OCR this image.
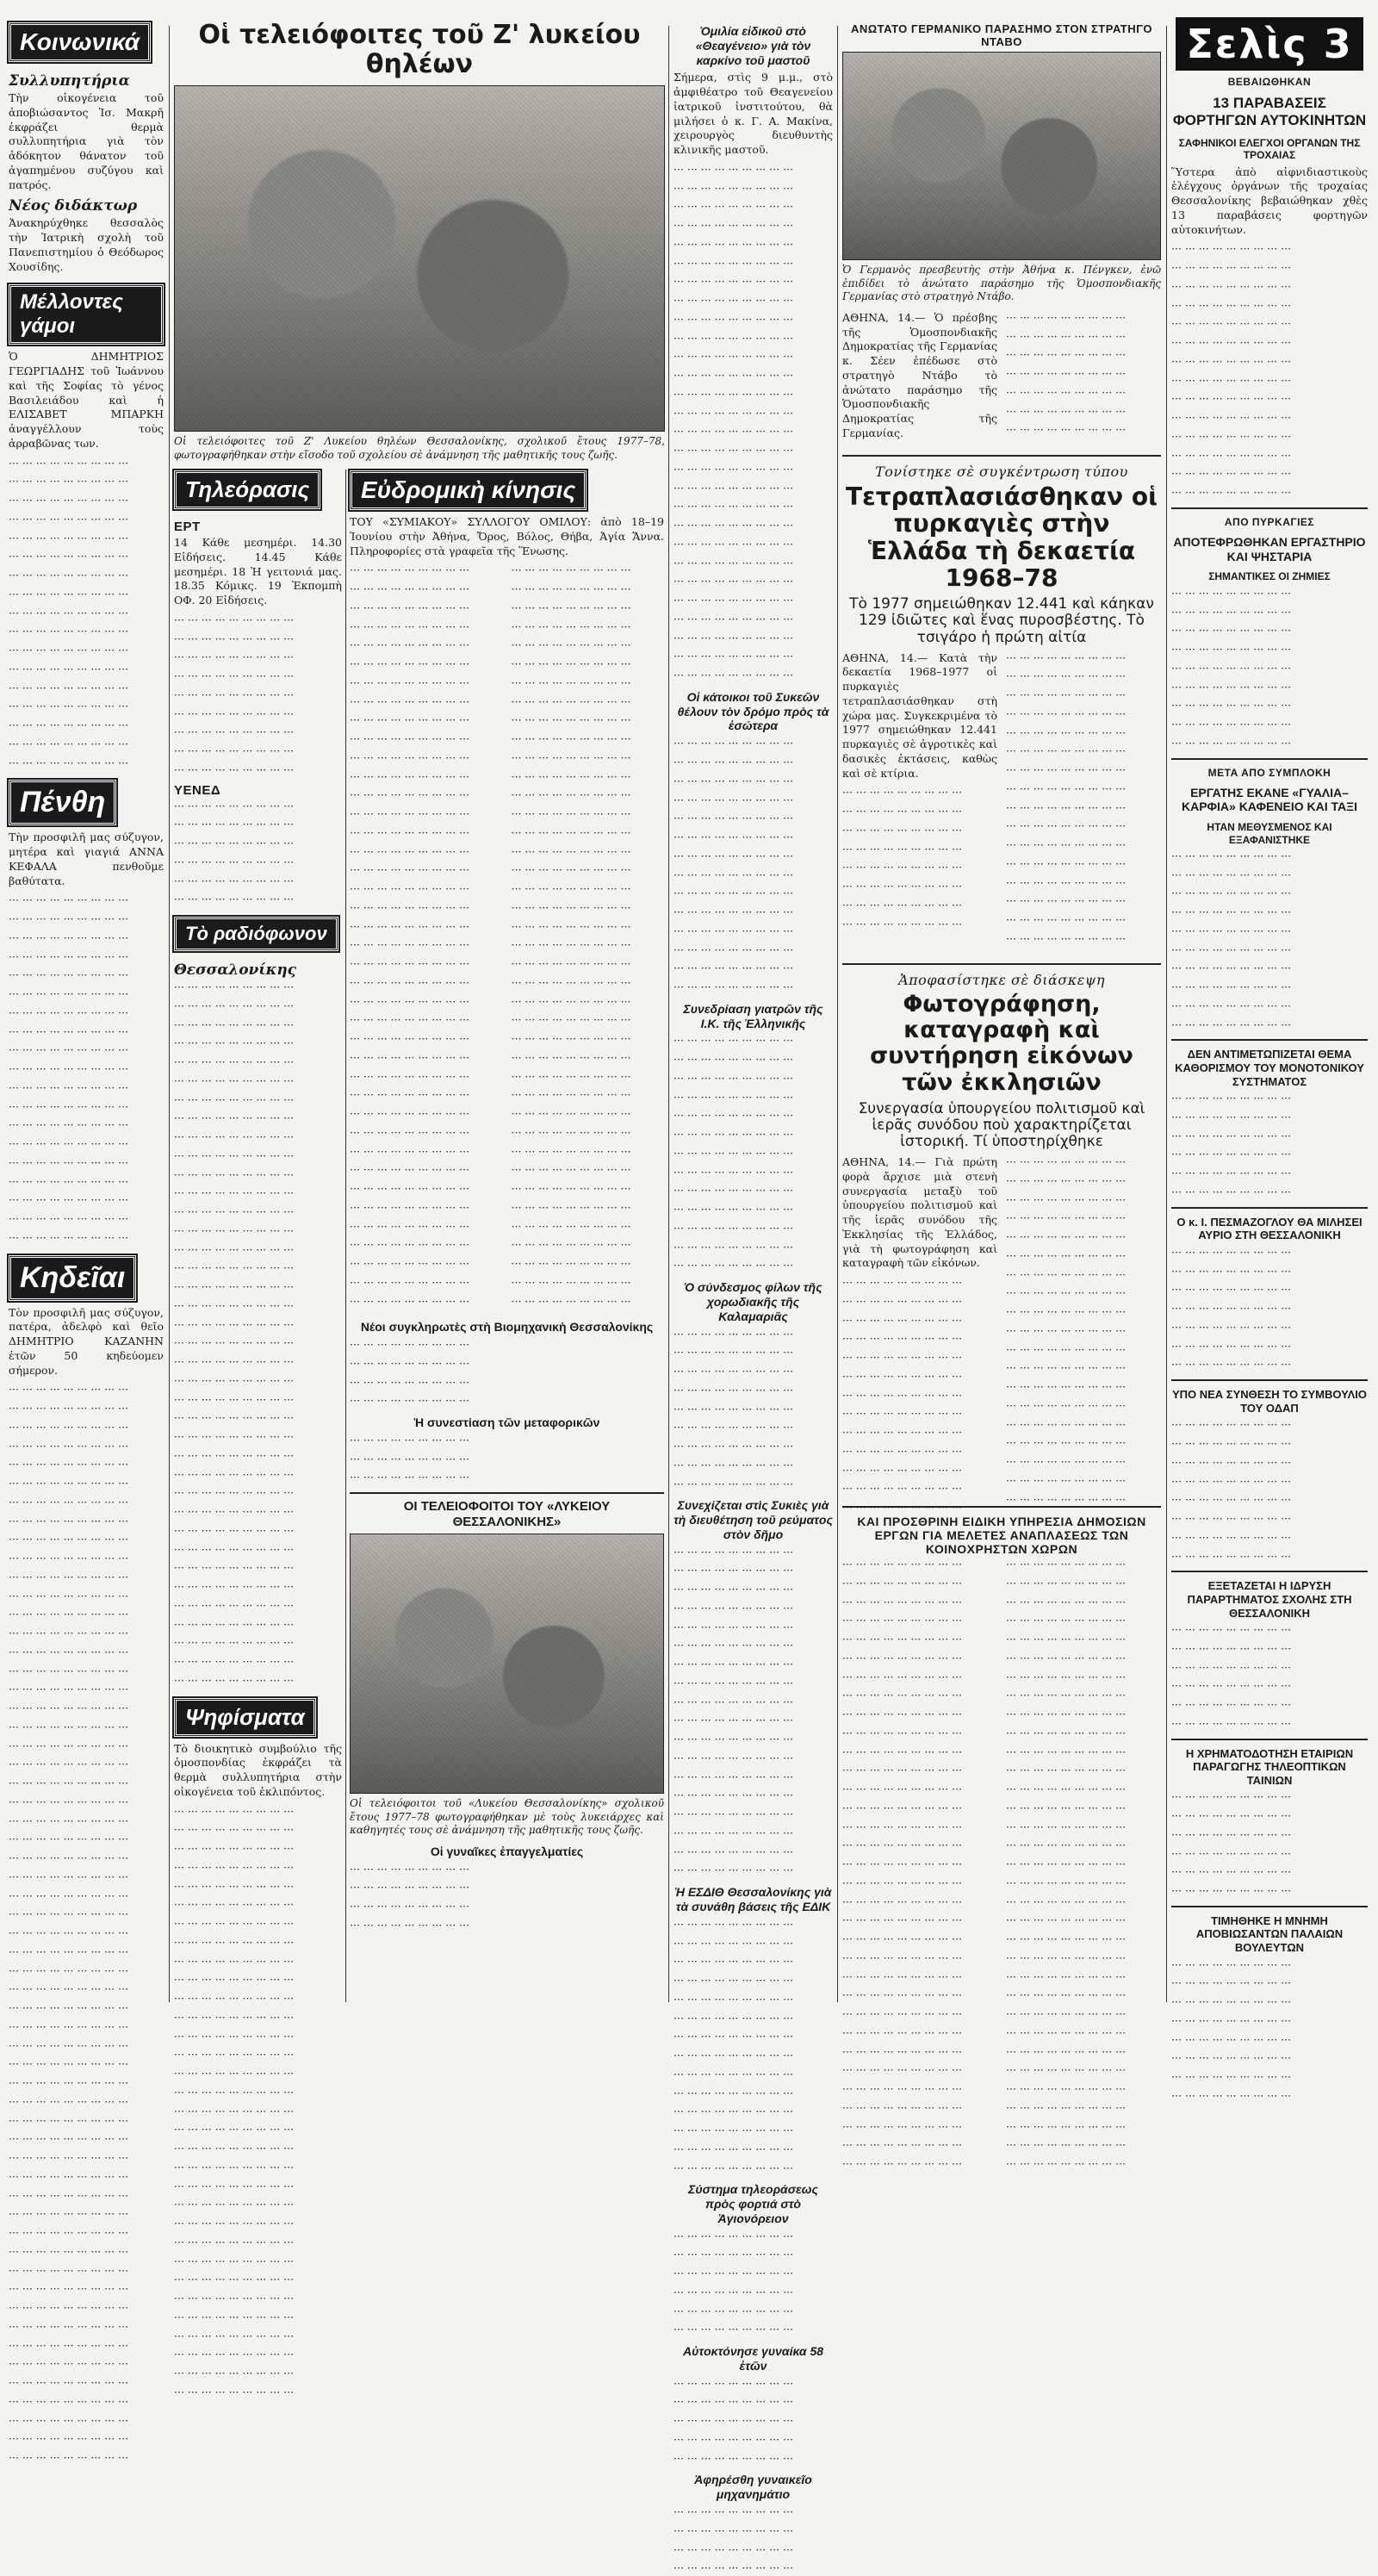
Κοινωνικά
Συλλυπητήρια

Τὴν οἰκογένεια τοῦ ἀποβιώσαντος Ἰσ. Μακρῆ ἐκφράζει θερμὰ συλλυπητήρια γιὰ τὸν ἀδόκητον θάνατον τοῦ ἀγαπημένου συζύγου καὶ πατρός.

Νέος διδάκτωρ

Ἀνακηρύχθηκε θεσσαλὸς τὴν Ἰατρικὴ σχολὴ τοῦ Πανεπιστημίου ὁ Θεόδωρος Χουσίδης.

Μέλλοντες γάμοι

Ὁ ΔΗΜΗΤΡΙΟΣ ΓΕΩΡΓΙΑΔΗΣ τοῦ Ἰωάννου καὶ τῆς Σοφίας τὸ γένος Βασιλειάδου καὶ ἡ ΕΛΙΣΑΒΕΤ ΜΠΑΡΚΗ ἀναγγέλλουν τοὺς ἀρραβῶνας των.

··· ··· ··· ··· ··· ··· ··· ··· ···

··· ··· ··· ··· ··· ··· ··· ··· ···

··· ··· ··· ··· ··· ··· ··· ··· ···

··· ··· ··· ··· ··· ··· ··· ··· ···

··· ··· ··· ··· ··· ··· ··· ··· ···

··· ··· ··· ··· ··· ··· ··· ··· ···

··· ··· ··· ··· ··· ··· ··· ··· ···

··· ··· ··· ··· ··· ··· ··· ··· ···

··· ··· ··· ··· ··· ··· ··· ··· ···

··· ··· ··· ··· ··· ··· ··· ··· ···

··· ··· ··· ··· ··· ··· ··· ··· ···

··· ··· ··· ··· ··· ··· ··· ··· ···

··· ··· ··· ··· ··· ··· ··· ··· ···

··· ··· ··· ··· ··· ··· ··· ··· ···

··· ··· ··· ··· ··· ··· ··· ··· ···

··· ··· ··· ··· ··· ··· ··· ··· ···

··· ··· ··· ··· ··· ··· ··· ··· ···

Πένθη

Τὴν προσφιλῆ μας σύζυγον, μητέρα καὶ γιαγιά ΑΝΝΑ ΚΕΦΑΛΑ πενθοῦμε βαθύτατα.

··· ··· ··· ··· ··· ··· ··· ··· ···

··· ··· ··· ··· ··· ··· ··· ··· ···

··· ··· ··· ··· ··· ··· ··· ··· ···

··· ··· ··· ··· ··· ··· ··· ··· ···

··· ··· ··· ··· ··· ··· ··· ··· ···

··· ··· ··· ··· ··· ··· ··· ··· ···

··· ··· ··· ··· ··· ··· ··· ··· ···

··· ··· ··· ··· ··· ··· ··· ··· ···

··· ··· ··· ··· ··· ··· ··· ··· ···

··· ··· ··· ··· ··· ··· ··· ··· ···

··· ··· ··· ··· ··· ··· ··· ··· ···

··· ··· ··· ··· ··· ··· ··· ··· ···

··· ··· ··· ··· ··· ··· ··· ··· ···

··· ··· ··· ··· ··· ··· ··· ··· ···

··· ··· ··· ··· ··· ··· ··· ··· ···

··· ··· ··· ··· ··· ··· ··· ··· ···

··· ··· ··· ··· ··· ··· ··· ··· ···

··· ··· ··· ··· ··· ··· ··· ··· ···

··· ··· ··· ··· ··· ··· ··· ··· ···

Κηδεῖαι

Τὸν προσφιλῆ μας σύζυγον, πατέρα, ἀδελφὸ καὶ θεῖο ΔΗΜΗΤΡΙΟ ΚΑΖΑΝΗΝ ἐτῶν 50 κηδεύομεν σήμερον.

··· ··· ··· ··· ··· ··· ··· ··· ···

··· ··· ··· ··· ··· ··· ··· ··· ···

··· ··· ··· ··· ··· ··· ··· ··· ···

··· ··· ··· ··· ··· ··· ··· ··· ···

··· ··· ··· ··· ··· ··· ··· ··· ···

··· ··· ··· ··· ··· ··· ··· ··· ···

··· ··· ··· ··· ··· ··· ··· ··· ···

··· ··· ··· ··· ··· ··· ··· ··· ···

··· ··· ··· ··· ··· ··· ··· ··· ···

··· ··· ··· ··· ··· ··· ··· ··· ···

··· ··· ··· ··· ··· ··· ··· ··· ···

··· ··· ··· ··· ··· ··· ··· ··· ···

··· ··· ··· ··· ··· ··· ··· ··· ···

··· ··· ··· ··· ··· ··· ··· ··· ···

··· ··· ··· ··· ··· ··· ··· ··· ···

··· ··· ··· ··· ··· ··· ··· ··· ···

··· ··· ··· ··· ··· ··· ··· ··· ···

··· ··· ··· ··· ··· ··· ··· ··· ···

··· ··· ··· ··· ··· ··· ··· ··· ···

··· ··· ··· ··· ··· ··· ··· ··· ···

··· ··· ··· ··· ··· ··· ··· ··· ···

··· ··· ··· ··· ··· ··· ··· ··· ···

··· ··· ··· ··· ··· ··· ··· ··· ···

··· ··· ··· ··· ··· ··· ··· ··· ···

··· ··· ··· ··· ··· ··· ··· ··· ···

··· ··· ··· ··· ··· ··· ··· ··· ···

··· ··· ··· ··· ··· ··· ··· ··· ···

··· ··· ··· ··· ··· ··· ··· ··· ···

··· ··· ··· ··· ··· ··· ··· ··· ···

··· ··· ··· ··· ··· ··· ··· ··· ···

··· ··· ··· ··· ··· ··· ··· ··· ···

··· ··· ··· ··· ··· ··· ··· ··· ···

··· ··· ··· ··· ··· ··· ··· ··· ···

··· ··· ··· ··· ··· ··· ··· ··· ···

··· ··· ··· ··· ··· ··· ··· ··· ···

··· ··· ··· ··· ··· ··· ··· ··· ···

··· ··· ··· ··· ··· ··· ··· ··· ···

··· ··· ··· ··· ··· ··· ··· ··· ···

··· ··· ··· ··· ··· ··· ··· ··· ···

··· ··· ··· ··· ··· ··· ··· ··· ···

··· ··· ··· ··· ··· ··· ··· ··· ···

··· ··· ··· ··· ··· ··· ··· ··· ···

··· ··· ··· ··· ··· ··· ··· ··· ···

··· ··· ··· ··· ··· ··· ··· ··· ···

··· ··· ··· ··· ··· ··· ··· ··· ···

··· ··· ··· ··· ··· ··· ··· ··· ···

··· ··· ··· ··· ··· ··· ··· ··· ···

··· ··· ··· ··· ··· ··· ··· ··· ···

··· ··· ··· ··· ··· ··· ··· ··· ···

··· ··· ··· ··· ··· ··· ··· ··· ···

··· ··· ··· ··· ··· ··· ··· ··· ···

··· ··· ··· ··· ··· ··· ··· ··· ···

··· ··· ··· ··· ··· ··· ··· ··· ···

··· ··· ··· ··· ··· ··· ··· ··· ···

··· ··· ··· ··· ··· ··· ··· ··· ···

··· ··· ··· ··· ··· ··· ··· ··· ···

··· ··· ··· ··· ··· ··· ··· ··· ···

··· ··· ··· ··· ··· ··· ··· ··· ···

Οἱ τελειόφοιτες τοῦ Ζ' λυκείου θηλέων
Οἱ τελειόφοιτες τοῦ Ζ' Λυκείου θηλέων Θεσσαλονίκης, σχολικοῦ ἔτους 1977–78, φωτογραφήθηκαν στὴν εἴσοδο τοῦ σχολείου σὲ ἀνάμνηση τῆς μαθητικῆς τους ζωῆς.
Τηλεόρασις
ΕΡΤ

14 Κάθε μεσημέρι. 14.30 Εἰδήσεις. 14.45 Κάθε μεσημέρι. 18 Ἡ γειτονιά μας. 18.35 Κόμικς. 19 Ἐκπομπὴ ΟΦ. 20 Εἰδήσεις.

··· ··· ··· ··· ··· ··· ··· ··· ···

··· ··· ··· ··· ··· ··· ··· ··· ···

··· ··· ··· ··· ··· ··· ··· ··· ···

··· ··· ··· ··· ··· ··· ··· ··· ···

··· ··· ··· ··· ··· ··· ··· ··· ···

··· ··· ··· ··· ··· ··· ··· ··· ···

··· ··· ··· ··· ··· ··· ··· ··· ···

··· ··· ··· ··· ··· ··· ··· ··· ···

··· ··· ··· ··· ··· ··· ··· ··· ···

ΥΕΝΕΔ

··· ··· ··· ··· ··· ··· ··· ··· ···

··· ··· ··· ··· ··· ··· ··· ··· ···

··· ··· ··· ··· ··· ··· ··· ··· ···

··· ··· ··· ··· ··· ··· ··· ··· ···

··· ··· ··· ··· ··· ··· ··· ··· ···

··· ··· ··· ··· ··· ··· ··· ··· ···

Τὸ ραδιόφωνον
Θεσσαλονίκης

··· ··· ··· ··· ··· ··· ··· ··· ···

··· ··· ··· ··· ··· ··· ··· ··· ···

··· ··· ··· ··· ··· ··· ··· ··· ···

··· ··· ··· ··· ··· ··· ··· ··· ···

··· ··· ··· ··· ··· ··· ··· ··· ···

··· ··· ··· ··· ··· ··· ··· ··· ···

··· ··· ··· ··· ··· ··· ··· ··· ···

··· ··· ··· ··· ··· ··· ··· ··· ···

··· ··· ··· ··· ··· ··· ··· ··· ···

··· ··· ··· ··· ··· ··· ··· ··· ···

··· ··· ··· ··· ··· ··· ··· ··· ···

··· ··· ··· ··· ··· ··· ··· ··· ···

··· ··· ··· ··· ··· ··· ··· ··· ···

··· ··· ··· ··· ··· ··· ··· ··· ···

··· ··· ··· ··· ··· ··· ··· ··· ···

··· ··· ··· ··· ··· ··· ··· ··· ···

··· ··· ··· ··· ··· ··· ··· ··· ···

··· ··· ··· ··· ··· ··· ··· ··· ···

··· ··· ··· ··· ··· ··· ··· ··· ···

··· ··· ··· ··· ··· ··· ··· ··· ···

··· ··· ··· ··· ··· ··· ··· ··· ···

··· ··· ··· ··· ··· ··· ··· ··· ···

··· ··· ··· ··· ··· ··· ··· ··· ···

··· ··· ··· ··· ··· ··· ··· ··· ···

··· ··· ··· ··· ··· ··· ··· ··· ···

··· ··· ··· ··· ··· ··· ··· ··· ···

··· ··· ··· ··· ··· ··· ··· ··· ···

··· ··· ··· ··· ··· ··· ··· ··· ···

··· ··· ··· ··· ··· ··· ··· ··· ···

··· ··· ··· ··· ··· ··· ··· ··· ···

··· ··· ··· ··· ··· ··· ··· ··· ···

··· ··· ··· ··· ··· ··· ··· ··· ···

··· ··· ··· ··· ··· ··· ··· ··· ···

··· ··· ··· ··· ··· ··· ··· ··· ···

··· ··· ··· ··· ··· ··· ··· ··· ···

··· ··· ··· ··· ··· ··· ··· ··· ···

··· ··· ··· ··· ··· ··· ··· ··· ···

··· ··· ··· ··· ··· ··· ··· ··· ···

Ψηφίσματα

Τὸ διοικητικὸ συμβούλιο τῆς ὁμοσπονδίας ἐκφράζει τὰ θερμὰ συλλυπητήρια στὴν οἰκογένεια τοῦ ἐκλιπόντος.

··· ··· ··· ··· ··· ··· ··· ··· ···

··· ··· ··· ··· ··· ··· ··· ··· ···

··· ··· ··· ··· ··· ··· ··· ··· ···

··· ··· ··· ··· ··· ··· ··· ··· ···

··· ··· ··· ··· ··· ··· ··· ··· ···

··· ··· ··· ··· ··· ··· ··· ··· ···

··· ··· ··· ··· ··· ··· ··· ··· ···

··· ··· ··· ··· ··· ··· ··· ··· ···

··· ··· ··· ··· ··· ··· ··· ··· ···

··· ··· ··· ··· ··· ··· ··· ··· ···

··· ··· ··· ··· ··· ··· ··· ··· ···

··· ··· ··· ··· ··· ··· ··· ··· ···

··· ··· ··· ··· ··· ··· ··· ··· ···

··· ··· ··· ··· ··· ··· ··· ··· ···

··· ··· ··· ··· ··· ··· ··· ··· ···

··· ··· ··· ··· ··· ··· ··· ··· ···

··· ··· ··· ··· ··· ··· ··· ··· ···

··· ··· ··· ··· ··· ··· ··· ··· ···

··· ··· ··· ··· ··· ··· ··· ··· ···

··· ··· ··· ··· ··· ··· ··· ··· ···

··· ··· ··· ··· ··· ··· ··· ··· ···

··· ··· ··· ··· ··· ··· ··· ··· ···

··· ··· ··· ··· ··· ··· ··· ··· ···

··· ··· ··· ··· ··· ··· ··· ··· ···

··· ··· ··· ··· ··· ··· ··· ··· ···

··· ··· ··· ··· ··· ··· ··· ··· ···

··· ··· ··· ··· ··· ··· ··· ··· ···

··· ··· ··· ··· ··· ··· ··· ··· ···

··· ··· ··· ··· ··· ··· ··· ··· ···

··· ··· ··· ··· ··· ··· ··· ··· ···

··· ··· ··· ··· ··· ··· ··· ··· ···

··· ··· ··· ··· ··· ··· ··· ··· ···

Εὐδρομικὴ κίνησις

ΤΟΥ «ΣΥΜΙΑΚΟΥ» ΣΥΛΛΟΓΟΥ ΟΜΙΛΟΥ: ἀπὸ 18–19 Ἰουνίου στὴν Ἀθήνα, Ὄρος, Βόλος, Θήβα, Ἀγία Ἄννα. Πληροφορίες στὰ γραφεῖα τῆς Ἕνωσης.

··· ··· ··· ··· ··· ··· ··· ··· ···

··· ··· ··· ··· ··· ··· ··· ··· ···

··· ··· ··· ··· ··· ··· ··· ··· ···

··· ··· ··· ··· ··· ··· ··· ··· ···

··· ··· ··· ··· ··· ··· ··· ··· ···

··· ··· ··· ··· ··· ··· ··· ··· ···

··· ··· ··· ··· ··· ··· ··· ··· ···

··· ··· ··· ··· ··· ··· ··· ··· ···

··· ··· ··· ··· ··· ··· ··· ··· ···

··· ··· ··· ··· ··· ··· ··· ··· ···

··· ··· ··· ··· ··· ··· ··· ··· ···

··· ··· ··· ··· ··· ··· ··· ··· ···

··· ··· ··· ··· ··· ··· ··· ··· ···

··· ··· ··· ··· ··· ··· ··· ··· ···

··· ··· ··· ··· ··· ··· ··· ··· ···

··· ··· ··· ··· ··· ··· ··· ··· ···

··· ··· ··· ··· ··· ··· ··· ··· ···

··· ··· ··· ··· ··· ··· ··· ··· ···

··· ··· ··· ··· ··· ··· ··· ··· ···

··· ··· ··· ··· ··· ··· ··· ··· ···

··· ··· ··· ··· ··· ··· ··· ··· ···

··· ··· ··· ··· ··· ··· ··· ··· ···

··· ··· ··· ··· ··· ··· ··· ··· ···

··· ··· ··· ··· ··· ··· ··· ··· ···

··· ··· ··· ··· ··· ··· ··· ··· ···

··· ··· ··· ··· ··· ··· ··· ··· ···

··· ··· ··· ··· ··· ··· ··· ··· ···

··· ··· ··· ··· ··· ··· ··· ··· ···

··· ··· ··· ··· ··· ··· ··· ··· ···

··· ··· ··· ··· ··· ··· ··· ··· ···

··· ··· ··· ··· ··· ··· ··· ··· ···

··· ··· ··· ··· ··· ··· ··· ··· ···

··· ··· ··· ··· ··· ··· ··· ··· ···

··· ··· ··· ··· ··· ··· ··· ··· ···

··· ··· ··· ··· ··· ··· ··· ··· ···

··· ··· ··· ··· ··· ··· ··· ··· ···

··· ··· ··· ··· ··· ··· ··· ··· ···

··· ··· ··· ··· ··· ··· ··· ··· ···

··· ··· ··· ··· ··· ··· ··· ··· ···

··· ··· ··· ··· ··· ··· ··· ··· ···

··· ··· ··· ··· ··· ··· ··· ··· ···

··· ··· ··· ··· ··· ··· ··· ··· ···

··· ··· ··· ··· ··· ··· ··· ··· ···

··· ··· ··· ··· ··· ··· ··· ··· ···

··· ··· ··· ··· ··· ··· ··· ··· ···

··· ··· ··· ··· ··· ··· ··· ··· ···

··· ··· ··· ··· ··· ··· ··· ··· ···

··· ··· ··· ··· ··· ··· ··· ··· ···

··· ··· ··· ··· ··· ··· ··· ··· ···

··· ··· ··· ··· ··· ··· ··· ··· ···

··· ··· ··· ··· ··· ··· ··· ··· ···

··· ··· ··· ··· ··· ··· ··· ··· ···

··· ··· ··· ··· ··· ··· ··· ··· ···

··· ··· ··· ··· ··· ··· ··· ··· ···

··· ··· ··· ··· ··· ··· ··· ··· ···

··· ··· ··· ··· ··· ··· ··· ··· ···

··· ··· ··· ··· ··· ··· ··· ··· ···

··· ··· ··· ··· ··· ··· ··· ··· ···

··· ··· ··· ··· ··· ··· ··· ··· ···

··· ··· ··· ··· ··· ··· ··· ··· ···

··· ··· ··· ··· ··· ··· ··· ··· ···

··· ··· ··· ··· ··· ··· ··· ··· ···

··· ··· ··· ··· ··· ··· ··· ··· ···

··· ··· ··· ··· ··· ··· ··· ··· ···

··· ··· ··· ··· ··· ··· ··· ··· ···

··· ··· ··· ··· ··· ··· ··· ··· ···

··· ··· ··· ··· ··· ··· ··· ··· ···

··· ··· ··· ··· ··· ··· ··· ··· ···

··· ··· ··· ··· ··· ··· ··· ··· ···

··· ··· ··· ··· ··· ··· ··· ··· ···

··· ··· ··· ··· ··· ··· ··· ··· ···

··· ··· ··· ··· ··· ··· ··· ··· ···

··· ··· ··· ··· ··· ··· ··· ··· ···

··· ··· ··· ··· ··· ··· ··· ··· ···

··· ··· ··· ··· ··· ··· ··· ··· ···

··· ··· ··· ··· ··· ··· ··· ··· ···

··· ··· ··· ··· ··· ··· ··· ··· ···

··· ··· ··· ··· ··· ··· ··· ··· ···

··· ··· ··· ··· ··· ··· ··· ··· ···

··· ··· ··· ··· ··· ··· ··· ··· ···

Νέοι συγκληρωτὲς στὴ Βιομηχανικὴ Θεσσαλονίκης

··· ··· ··· ··· ··· ··· ··· ··· ···

··· ··· ··· ··· ··· ··· ··· ··· ···

··· ··· ··· ··· ··· ··· ··· ··· ···

··· ··· ··· ··· ··· ··· ··· ··· ···

Ἡ συνεστίαση τῶν μεταφορικῶν

··· ··· ··· ··· ··· ··· ··· ··· ···

··· ··· ··· ··· ··· ··· ··· ··· ···

··· ··· ··· ··· ··· ··· ··· ··· ···

ΟΙ ΤΕΛΕΙΟΦΟΙΤΟΙ ΤΟΥ «ΛΥΚΕΙΟΥ ΘΕΣΣΑΛΟΝΙΚΗΣ»
Οἱ τελειόφοιτοι τοῦ «Λυκείου Θεσσαλονίκης» σχολικοῦ ἔτους 1977–78 φωτογραφήθηκαν μὲ τοὺς λυκειάρχες καὶ καθηγητές τους σὲ ἀνάμνηση τῆς μαθητικῆς τους ζωῆς.
Οἱ γυναῖκες ἐπαγγελματίες

··· ··· ··· ··· ··· ··· ··· ··· ···

··· ··· ··· ··· ··· ··· ··· ··· ···

··· ··· ··· ··· ··· ··· ··· ··· ···

··· ··· ··· ··· ··· ··· ··· ··· ···

Ὁμιλία εἰδικοῦ στὸ «Θεαγένειο» γιὰ τὸν καρκίνο τοῦ μαστοῦ

Σήμερα, στὶς 9 μ.μ., στὸ ἀμφιθέατρο τοῦ Θεαγενείου ἰατρικοῦ ἰνστιτούτου, θὰ μιλήσει ὁ κ. Γ. Α. Μακίνα, χειρουργὸς διευθυντὴς κλινικῆς μαστοῦ.

··· ··· ··· ··· ··· ··· ··· ··· ···

··· ··· ··· ··· ··· ··· ··· ··· ···

··· ··· ··· ··· ··· ··· ··· ··· ···

··· ··· ··· ··· ··· ··· ··· ··· ···

··· ··· ··· ··· ··· ··· ··· ··· ···

··· ··· ··· ··· ··· ··· ··· ··· ···

··· ··· ··· ··· ··· ··· ··· ··· ···

··· ··· ··· ··· ··· ··· ··· ··· ···

··· ··· ··· ··· ··· ··· ··· ··· ···

··· ··· ··· ··· ··· ··· ··· ··· ···

··· ··· ··· ··· ··· ··· ··· ··· ···

··· ··· ··· ··· ··· ··· ··· ··· ···

··· ··· ··· ··· ··· ··· ··· ··· ···

··· ··· ··· ··· ··· ··· ··· ··· ···

··· ··· ··· ··· ··· ··· ··· ··· ···

··· ··· ··· ··· ··· ··· ··· ··· ···

··· ··· ··· ··· ··· ··· ··· ··· ···

··· ··· ··· ··· ··· ··· ··· ··· ···

··· ··· ··· ··· ··· ··· ··· ··· ···

··· ··· ··· ··· ··· ··· ··· ··· ···

··· ··· ··· ··· ··· ··· ··· ··· ···

··· ··· ··· ··· ··· ··· ··· ··· ···

··· ··· ··· ··· ··· ··· ··· ··· ···

··· ··· ··· ··· ··· ··· ··· ··· ···

··· ··· ··· ··· ··· ··· ··· ··· ···

··· ··· ··· ··· ··· ··· ··· ··· ···

··· ··· ··· ··· ··· ··· ··· ··· ···

··· ··· ··· ··· ··· ··· ··· ··· ···

Οἱ κάτοικοι τοῦ Συκεῶν θέλουν τὸν δρόμο πρὸς τὰ ἐσώτερα

··· ··· ··· ··· ··· ··· ··· ··· ···

··· ··· ··· ··· ··· ··· ··· ··· ···

··· ··· ··· ··· ··· ··· ··· ··· ···

··· ··· ··· ··· ··· ··· ··· ··· ···

··· ··· ··· ··· ··· ··· ··· ··· ···

··· ··· ··· ··· ··· ··· ··· ··· ···

··· ··· ··· ··· ··· ··· ··· ··· ···

··· ··· ··· ··· ··· ··· ··· ··· ···

··· ··· ··· ··· ··· ··· ··· ··· ···

··· ··· ··· ··· ··· ··· ··· ··· ···

··· ··· ··· ··· ··· ··· ··· ··· ···

··· ··· ··· ··· ··· ··· ··· ··· ···

··· ··· ··· ··· ··· ··· ··· ··· ···

··· ··· ··· ··· ··· ··· ··· ··· ···

Συνεδρίαση γιατρῶν τῆς Ι.Κ. τῆς Ἑλληνικῆς

··· ··· ··· ··· ··· ··· ··· ··· ···

··· ··· ··· ··· ··· ··· ··· ··· ···

··· ··· ··· ··· ··· ··· ··· ··· ···

··· ··· ··· ··· ··· ··· ··· ··· ···

··· ··· ··· ··· ··· ··· ··· ··· ···

··· ··· ··· ··· ··· ··· ··· ··· ···

··· ··· ··· ··· ··· ··· ··· ··· ···

··· ··· ··· ··· ··· ··· ··· ··· ···

··· ··· ··· ··· ··· ··· ··· ··· ···

··· ··· ··· ··· ··· ··· ··· ··· ···

··· ··· ··· ··· ··· ··· ··· ··· ···

··· ··· ··· ··· ··· ··· ··· ··· ···

··· ··· ··· ··· ··· ··· ··· ··· ···

Ὁ σύνδεσμος φίλων τῆς χορωδιακῆς τῆς Καλαμαριᾶς

··· ··· ··· ··· ··· ··· ··· ··· ···

··· ··· ··· ··· ··· ··· ··· ··· ···

··· ··· ··· ··· ··· ··· ··· ··· ···

··· ··· ··· ··· ··· ··· ··· ··· ···

··· ··· ··· ··· ··· ··· ··· ··· ···

··· ··· ··· ··· ··· ··· ··· ··· ···

··· ··· ··· ··· ··· ··· ··· ··· ···

··· ··· ··· ··· ··· ··· ··· ··· ···

··· ··· ··· ··· ··· ··· ··· ··· ···

Συνεχίζεται στὶς Συκιὲς γιὰ τὴ διευθέτηση τοῦ ρεύματος στὸν δῆμο

··· ··· ··· ··· ··· ··· ··· ··· ···

··· ··· ··· ··· ··· ··· ··· ··· ···

··· ··· ··· ··· ··· ··· ··· ··· ···

··· ··· ··· ··· ··· ··· ··· ··· ···

··· ··· ··· ··· ··· ··· ··· ··· ···

··· ··· ··· ··· ··· ··· ··· ··· ···

··· ··· ··· ··· ··· ··· ··· ··· ···

··· ··· ··· ··· ··· ··· ··· ··· ···

··· ··· ··· ··· ··· ··· ··· ··· ···

··· ··· ··· ··· ··· ··· ··· ··· ···

··· ··· ··· ··· ··· ··· ··· ··· ···

··· ··· ··· ··· ··· ··· ··· ··· ···

··· ··· ··· ··· ··· ··· ··· ··· ···

··· ··· ··· ··· ··· ··· ··· ··· ···

··· ··· ··· ··· ··· ··· ··· ··· ···

··· ··· ··· ··· ··· ··· ··· ··· ···

··· ··· ··· ··· ··· ··· ··· ··· ···

··· ··· ··· ··· ··· ··· ··· ··· ···

Ἡ ΕΣΔΙΘ Θεσσαλονίκης γιὰ τὰ συνάθη βάσεις τῆς ΕΔΙΚ

··· ··· ··· ··· ··· ··· ··· ··· ···

··· ··· ··· ··· ··· ··· ··· ··· ···

··· ··· ··· ··· ··· ··· ··· ··· ···

··· ··· ··· ··· ··· ··· ··· ··· ···

··· ··· ··· ··· ··· ··· ··· ··· ···

··· ··· ··· ··· ··· ··· ··· ··· ···

··· ··· ··· ··· ··· ··· ··· ··· ···

··· ··· ··· ··· ··· ··· ··· ··· ···

··· ··· ··· ··· ··· ··· ··· ··· ···

··· ··· ··· ··· ··· ··· ··· ··· ···

··· ··· ··· ··· ··· ··· ··· ··· ···

··· ··· ··· ··· ··· ··· ··· ··· ···

··· ··· ··· ··· ··· ··· ··· ··· ···

··· ··· ··· ··· ··· ··· ··· ··· ···

Σύστημα τηλεοράσεως πρὸς φορτιά στὸ Ἀγιονόρειον

··· ··· ··· ··· ··· ··· ··· ··· ···

··· ··· ··· ··· ··· ··· ··· ··· ···

··· ··· ··· ··· ··· ··· ··· ··· ···

··· ··· ··· ··· ··· ··· ··· ··· ···

··· ··· ··· ··· ··· ··· ··· ··· ···

··· ··· ··· ··· ··· ··· ··· ··· ···

Αὐτοκτόνησε γυναίκα 58 ἐτῶν

··· ··· ··· ··· ··· ··· ··· ··· ···

··· ··· ··· ··· ··· ··· ··· ··· ···

··· ··· ··· ··· ··· ··· ··· ··· ···

··· ··· ··· ··· ··· ··· ··· ··· ···

··· ··· ··· ··· ··· ··· ··· ··· ···

Ἀφηρέσθη γυναικεῖο μηχανημάτιο

··· ··· ··· ··· ··· ··· ··· ··· ···

··· ··· ··· ··· ··· ··· ··· ··· ···

··· ··· ··· ··· ··· ··· ··· ··· ···

··· ··· ··· ··· ··· ··· ··· ··· ···

ΑΝΩΤΑΤΟ ΓΕΡΜΑΝΙΚΟ ΠΑΡΑΣΗΜΟ ΣΤΟΝ ΣΤΡΑΤΗΓΟ ΝΤΑΒΟ
Ὁ Γερμανὸς πρεσβευτὴς στὴν Ἀθήνα κ. Πένγκεν, ἐνῶ ἐπιδίδει τὸ ἀνώτατο παράσημο τῆς Ὁμοσπονδιακῆς Γερμανίας στὸ στρατηγὸ Ντάβο.

ΑΘΗΝΑ, 14.— Ὁ πρέσβης τῆς Ὁμοσπονδιακῆς Δημοκρατίας τῆς Γερμανίας κ. Σέεν ἐπέδωσε στὸ στρατηγὸ Ντάβο τὸ ἀνώτατο παράσημο τῆς Ὁμοσπονδιακῆς Δημοκρατίας τῆς Γερμανίας.

··· ··· ··· ··· ··· ··· ··· ··· ···

··· ··· ··· ··· ··· ··· ··· ··· ···

··· ··· ··· ··· ··· ··· ··· ··· ···

··· ··· ··· ··· ··· ··· ··· ··· ···

··· ··· ··· ··· ··· ··· ··· ··· ···

··· ··· ··· ··· ··· ··· ··· ··· ···

··· ··· ··· ··· ··· ··· ··· ··· ···

Τονίστηκε σὲ συγκέντρωση τύπου
Τετραπλασιάσθηκαν οἱ πυρκαγιὲς στὴν Ἑλλάδα τὴ δεκαετία 1968–78
Τὸ 1977 σημειώθηκαν 12.441 καὶ κάηκαν 129 ἰδιῶτες καὶ ἕνας πυροσβέστης. Τὸ τσιγάρο ἡ πρώτη αἰτία

ΑΘΗΝΑ, 14.— Κατὰ τὴν δεκαετία 1968–1977 οἱ πυρκαγιὲς τετραπλασιάσθηκαν στὴ χώρα μας. Συγκεκριμένα τὸ 1977 σημειώθηκαν 12.441 πυρκαγιὲς σὲ ἀγροτικὲς καὶ δασικὲς ἐκτάσεις, καθὼς καὶ σὲ κτίρια.

··· ··· ··· ··· ··· ··· ··· ··· ···

··· ··· ··· ··· ··· ··· ··· ··· ···

··· ··· ··· ··· ··· ··· ··· ··· ···

··· ··· ··· ··· ··· ··· ··· ··· ···

··· ··· ··· ··· ··· ··· ··· ··· ···

··· ··· ··· ··· ··· ··· ··· ··· ···

··· ··· ··· ··· ··· ··· ··· ··· ···

··· ··· ··· ··· ··· ··· ··· ··· ···

··· ··· ··· ··· ··· ··· ··· ··· ···

··· ··· ··· ··· ··· ··· ··· ··· ···

··· ··· ··· ··· ··· ··· ··· ··· ···

··· ··· ··· ··· ··· ··· ··· ··· ···

··· ··· ··· ··· ··· ··· ··· ··· ···

··· ··· ··· ··· ··· ··· ··· ··· ···

··· ··· ··· ··· ··· ··· ··· ··· ···

··· ··· ··· ··· ··· ··· ··· ··· ···

··· ··· ··· ··· ··· ··· ··· ··· ···

··· ··· ··· ··· ··· ··· ··· ··· ···

··· ··· ··· ··· ··· ··· ··· ··· ···

··· ··· ··· ··· ··· ··· ··· ··· ···

··· ··· ··· ··· ··· ··· ··· ··· ···

··· ··· ··· ··· ··· ··· ··· ··· ···

··· ··· ··· ··· ··· ··· ··· ··· ···

··· ··· ··· ··· ··· ··· ··· ··· ···

Ἀποφασίστηκε σὲ διάσκεψη
Φωτογράφηση, καταγραφὴ καὶ συντήρηση εἰκόνων τῶν ἐκκλησιῶν
Συνεργασία ὑπουργείου πολιτισμοῦ καὶ ἱερᾶς συνόδου ποὺ χαρακτηρίζεται ἱστορική. Τί ὑποστηρίχθηκε

ΑΘΗΝΑ, 14.— Γιὰ πρώτη φορὰ ἄρχισε μιὰ στενὴ συνεργασία μεταξὺ τοῦ ὑπουργείου πολιτισμοῦ καὶ τῆς ἱερᾶς συνόδου τῆς Ἐκκλησίας τῆς Ἑλλάδος, γιὰ τὴ φωτογράφηση καὶ καταγραφὴ τῶν εἰκόνων.

··· ··· ··· ··· ··· ··· ··· ··· ···

··· ··· ··· ··· ··· ··· ··· ··· ···

··· ··· ··· ··· ··· ··· ··· ··· ···

··· ··· ··· ··· ··· ··· ··· ··· ···

··· ··· ··· ··· ··· ··· ··· ··· ···

··· ··· ··· ··· ··· ··· ··· ··· ···

··· ··· ··· ··· ··· ··· ··· ··· ···

··· ··· ··· ··· ··· ··· ··· ··· ···

··· ··· ··· ··· ··· ··· ··· ··· ···

··· ··· ··· ··· ··· ··· ··· ··· ···

··· ··· ··· ··· ··· ··· ··· ··· ···

··· ··· ··· ··· ··· ··· ··· ··· ···

··· ··· ··· ··· ··· ··· ··· ··· ···

··· ··· ··· ··· ··· ··· ··· ··· ···

··· ··· ··· ··· ··· ··· ··· ··· ···

··· ··· ··· ··· ··· ··· ··· ··· ···

··· ··· ··· ··· ··· ··· ··· ··· ···

··· ··· ··· ··· ··· ··· ··· ··· ···

··· ··· ··· ··· ··· ··· ··· ··· ···

··· ··· ··· ··· ··· ··· ··· ··· ···

··· ··· ··· ··· ··· ··· ··· ··· ···

··· ··· ··· ··· ··· ··· ··· ··· ···

··· ··· ··· ··· ··· ··· ··· ··· ···

··· ··· ··· ··· ··· ··· ··· ··· ···

··· ··· ··· ··· ··· ··· ··· ··· ···

··· ··· ··· ··· ··· ··· ··· ··· ···

··· ··· ··· ··· ··· ··· ··· ··· ···

··· ··· ··· ··· ··· ··· ··· ··· ···

··· ··· ··· ··· ··· ··· ··· ··· ···

··· ··· ··· ··· ··· ··· ··· ··· ···

··· ··· ··· ··· ··· ··· ··· ··· ···

ΚΑΙ ΠΡΟΣΘΡΙΝΗ ΕΙΔΙΚΗ ΥΠΗΡΕΣΙΑ ΔΗΜΟΣΙΩΝ ΕΡΓΩΝ ΓΙΑ ΜΕΛΕΤΕΣ ΑΝΑΠΛΑΣΕΩΣ ΤΩΝ ΚΟΙΝΟΧΡΗΣΤΩΝ ΧΩΡΩΝ

··· ··· ··· ··· ··· ··· ··· ··· ···

··· ··· ··· ··· ··· ··· ··· ··· ···

··· ··· ··· ··· ··· ··· ··· ··· ···

··· ··· ··· ··· ··· ··· ··· ··· ···

··· ··· ··· ··· ··· ··· ··· ··· ···

··· ··· ··· ··· ··· ··· ··· ··· ···

··· ··· ··· ··· ··· ··· ··· ··· ···

··· ··· ··· ··· ··· ··· ··· ··· ···

··· ··· ··· ··· ··· ··· ··· ··· ···

··· ··· ··· ··· ··· ··· ··· ··· ···

··· ··· ··· ··· ··· ··· ··· ··· ···

··· ··· ··· ··· ··· ··· ··· ··· ···

··· ··· ··· ··· ··· ··· ··· ··· ···

··· ··· ··· ··· ··· ··· ··· ··· ···

··· ··· ··· ··· ··· ··· ··· ··· ···

··· ··· ··· ··· ··· ··· ··· ··· ···

··· ··· ··· ··· ··· ··· ··· ··· ···

··· ··· ··· ··· ··· ··· ··· ··· ···

··· ··· ··· ··· ··· ··· ··· ··· ···

··· ··· ··· ··· ··· ··· ··· ··· ···

··· ··· ··· ··· ··· ··· ··· ··· ···

··· ··· ··· ··· ··· ··· ··· ··· ···

··· ··· ··· ··· ··· ··· ··· ··· ···

··· ··· ··· ··· ··· ··· ··· ··· ···

··· ··· ··· ··· ··· ··· ··· ··· ···

··· ··· ··· ··· ··· ··· ··· ··· ···

··· ··· ··· ··· ··· ··· ··· ··· ···

··· ··· ··· ··· ··· ··· ··· ··· ···

··· ··· ··· ··· ··· ··· ··· ··· ···

··· ··· ··· ··· ··· ··· ··· ··· ···

··· ··· ··· ··· ··· ··· ··· ··· ···

··· ··· ··· ··· ··· ··· ··· ··· ···

··· ··· ··· ··· ··· ··· ··· ··· ···

··· ··· ··· ··· ··· ··· ··· ··· ···

··· ··· ··· ··· ··· ··· ··· ··· ···

··· ··· ··· ··· ··· ··· ··· ··· ···

··· ··· ··· ··· ··· ··· ··· ··· ···

··· ··· ··· ··· ··· ··· ··· ··· ···

··· ··· ··· ··· ··· ··· ··· ··· ···

··· ··· ··· ··· ··· ··· ··· ··· ···

··· ··· ··· ··· ··· ··· ··· ··· ···

··· ··· ··· ··· ··· ··· ··· ··· ···

··· ··· ··· ··· ··· ··· ··· ··· ···

··· ··· ··· ··· ··· ··· ··· ··· ···

··· ··· ··· ··· ··· ··· ··· ··· ···

··· ··· ··· ··· ··· ··· ··· ··· ···

··· ··· ··· ··· ··· ··· ··· ··· ···

··· ··· ··· ··· ··· ··· ··· ··· ···

··· ··· ··· ··· ··· ··· ··· ··· ···

··· ··· ··· ··· ··· ··· ··· ··· ···

··· ··· ··· ··· ··· ··· ··· ··· ···

··· ··· ··· ··· ··· ··· ··· ··· ···

··· ··· ··· ··· ··· ··· ··· ··· ···

··· ··· ··· ··· ··· ··· ··· ··· ···

··· ··· ··· ··· ··· ··· ··· ··· ···

··· ··· ··· ··· ··· ··· ··· ··· ···

··· ··· ··· ··· ··· ··· ··· ··· ···

··· ··· ··· ··· ··· ··· ··· ··· ···

··· ··· ··· ··· ··· ··· ··· ··· ···

··· ··· ··· ··· ··· ··· ··· ··· ···

··· ··· ··· ··· ··· ··· ··· ··· ···

··· ··· ··· ··· ··· ··· ··· ··· ···

··· ··· ··· ··· ··· ··· ··· ··· ···

··· ··· ··· ··· ··· ··· ··· ··· ···

··· ··· ··· ··· ··· ··· ··· ··· ···

··· ··· ··· ··· ··· ··· ··· ··· ···

Σελὶς 3
ΒΕΒΑΙΩΘΗΚΑΝ
13 ΠΑΡΑΒΑΣΕΙΣ ΦΟΡΤΗΓΩΝ ΑΥΤΟΚΙΝΗΤΩΝ
ΣΑΦΗΝΙΚΟΙ ΕΛΕΓΧΟΙ ΟΡΓΑΝΩΝ ΤΗΣ ΤΡΟΧΑΙΑΣ

Ὕστερα ἀπὸ αἰφνιδιαστικοὺς ἐλέγχους ὀργάνων τῆς τροχαίας Θεσσαλονίκης βεβαιώθηκαν χθὲς 13 παραβάσεις φορτηγῶν αὐτοκινήτων.

··· ··· ··· ··· ··· ··· ··· ··· ···

··· ··· ··· ··· ··· ··· ··· ··· ···

··· ··· ··· ··· ··· ··· ··· ··· ···

··· ··· ··· ··· ··· ··· ··· ··· ···

··· ··· ··· ··· ··· ··· ··· ··· ···

··· ··· ··· ··· ··· ··· ··· ··· ···

··· ··· ··· ··· ··· ··· ··· ··· ···

··· ··· ··· ··· ··· ··· ··· ··· ···

··· ··· ··· ··· ··· ··· ··· ··· ···

··· ··· ··· ··· ··· ··· ··· ··· ···

··· ··· ··· ··· ··· ··· ··· ··· ···

··· ··· ··· ··· ··· ··· ··· ··· ···

··· ··· ··· ··· ··· ··· ··· ··· ···

··· ··· ··· ··· ··· ··· ··· ··· ···

ΑΠΟ ΠΥΡΚΑΓΙΕΣ
ΑΠΟΤΕΦΡΩΘΗΚΑΝ ΕΡΓΑΣΤΗΡΙΟ ΚΑΙ ΨΗΣΤΑΡΙΑ
ΣΗΜΑΝΤΙΚΕΣ ΟΙ ΖΗΜΙΕΣ

··· ··· ··· ··· ··· ··· ··· ··· ···

··· ··· ··· ··· ··· ··· ··· ··· ···

··· ··· ··· ··· ··· ··· ··· ··· ···

··· ··· ··· ··· ··· ··· ··· ··· ···

··· ··· ··· ··· ··· ··· ··· ··· ···

··· ··· ··· ··· ··· ··· ··· ··· ···

··· ··· ··· ··· ··· ··· ··· ··· ···

··· ··· ··· ··· ··· ··· ··· ··· ···

··· ··· ··· ··· ··· ··· ··· ··· ···

ΜΕΤΑ ΑΠΟ ΣΥΜΠΛΟΚΗ
ΕΡΓΑΤΗΣ ΕΚΑΝΕ «ΓΥΑΛΙΑ–ΚΑΡΦΙΑ» ΚΑΦΕΝΕΙΟ ΚΑΙ ΤΑΞΙ
ΗΤΑΝ ΜΕΘΥΣΜΕΝΟΣ ΚΑΙ ΕΞΑΦΑΝΙΣΤΗΚΕ

··· ··· ··· ··· ··· ··· ··· ··· ···

··· ··· ··· ··· ··· ··· ··· ··· ···

··· ··· ··· ··· ··· ··· ··· ··· ···

··· ··· ··· ··· ··· ··· ··· ··· ···

··· ··· ··· ··· ··· ··· ··· ··· ···

··· ··· ··· ··· ··· ··· ··· ··· ···

··· ··· ··· ··· ··· ··· ··· ··· ···

··· ··· ··· ··· ··· ··· ··· ··· ···

··· ··· ··· ··· ··· ··· ··· ··· ···

··· ··· ··· ··· ··· ··· ··· ··· ···

ΔΕΝ ΑΝΤΙΜΕΤΩΠΙΖΕΤΑΙ ΘΕΜΑ ΚΑΘΟΡΙΣΜΟΥ ΤΟΥ ΜΟΝΟΤΟΝΙΚΟΥ ΣΥΣΤΗΜΑΤΟΣ

··· ··· ··· ··· ··· ··· ··· ··· ···

··· ··· ··· ··· ··· ··· ··· ··· ···

··· ··· ··· ··· ··· ··· ··· ··· ···

··· ··· ··· ··· ··· ··· ··· ··· ···

··· ··· ··· ··· ··· ··· ··· ··· ···

··· ··· ··· ··· ··· ··· ··· ··· ···

Ο κ. Ι. ΠΕΣΜΑΖΟΓΛΟΥ ΘΑ ΜΙΛΗΣΕΙ ΑΥΡΙΟ ΣΤΗ ΘΕΣΣΑΛΟΝΙΚΗ

··· ··· ··· ··· ··· ··· ··· ··· ···

··· ··· ··· ··· ··· ··· ··· ··· ···

··· ··· ··· ··· ··· ··· ··· ··· ···

··· ··· ··· ··· ··· ··· ··· ··· ···

··· ··· ··· ··· ··· ··· ··· ··· ···

··· ··· ··· ··· ··· ··· ··· ··· ···

··· ··· ··· ··· ··· ··· ··· ··· ···

ΥΠΟ ΝΕΑ ΣΥΝΘΕΣΗ ΤΟ ΣΥΜΒΟΥΛΙΟ ΤΟΥ ΟΔΑΠ

··· ··· ··· ··· ··· ··· ··· ··· ···

··· ··· ··· ··· ··· ··· ··· ··· ···

··· ··· ··· ··· ··· ··· ··· ··· ···

··· ··· ··· ··· ··· ··· ··· ··· ···

··· ··· ··· ··· ··· ··· ··· ··· ···

··· ··· ··· ··· ··· ··· ··· ··· ···

··· ··· ··· ··· ··· ··· ··· ··· ···

··· ··· ··· ··· ··· ··· ··· ··· ···

ΕΞΕΤΑΖΕΤΑΙ Η ΙΔΡΥΣΗ ΠΑΡΑΡΤΗΜΑΤΟΣ ΣΧΟΛΗΣ ΣΤΗ ΘΕΣΣΑΛΟΝΙΚΗ

··· ··· ··· ··· ··· ··· ··· ··· ···

··· ··· ··· ··· ··· ··· ··· ··· ···

··· ··· ··· ··· ··· ··· ··· ··· ···

··· ··· ··· ··· ··· ··· ··· ··· ···

··· ··· ··· ··· ··· ··· ··· ··· ···

··· ··· ··· ··· ··· ··· ··· ··· ···

Η ΧΡΗΜΑΤΟΔΟΤΗΣΗ ΕΤΑΙΡΙΩΝ ΠΑΡΑΓΩΓΗΣ ΤΗΛΕΟΠΤΙΚΩΝ ΤΑΙΝΙΩΝ

··· ··· ··· ··· ··· ··· ··· ··· ···

··· ··· ··· ··· ··· ··· ··· ··· ···

··· ··· ··· ··· ··· ··· ··· ··· ···

··· ··· ··· ··· ··· ··· ··· ··· ···

··· ··· ··· ··· ··· ··· ··· ··· ···

··· ··· ··· ··· ··· ··· ··· ··· ···

ΤΙΜΗΘΗΚΕ Η ΜΝΗΜΗ ΑΠΟΒΙΩΣΑΝΤΩΝ ΠΑΛΑΙΩΝ ΒΟΥΛΕΥΤΩΝ

··· ··· ··· ··· ··· ··· ··· ··· ···

··· ··· ··· ··· ··· ··· ··· ··· ···

··· ··· ··· ··· ··· ··· ··· ··· ···

··· ··· ··· ··· ··· ··· ··· ··· ···

··· ··· ··· ··· ··· ··· ··· ··· ···

··· ··· ··· ··· ··· ··· ··· ··· ···

··· ··· ··· ··· ··· ··· ··· ··· ···

··· ··· ··· ··· ··· ··· ··· ··· ···
